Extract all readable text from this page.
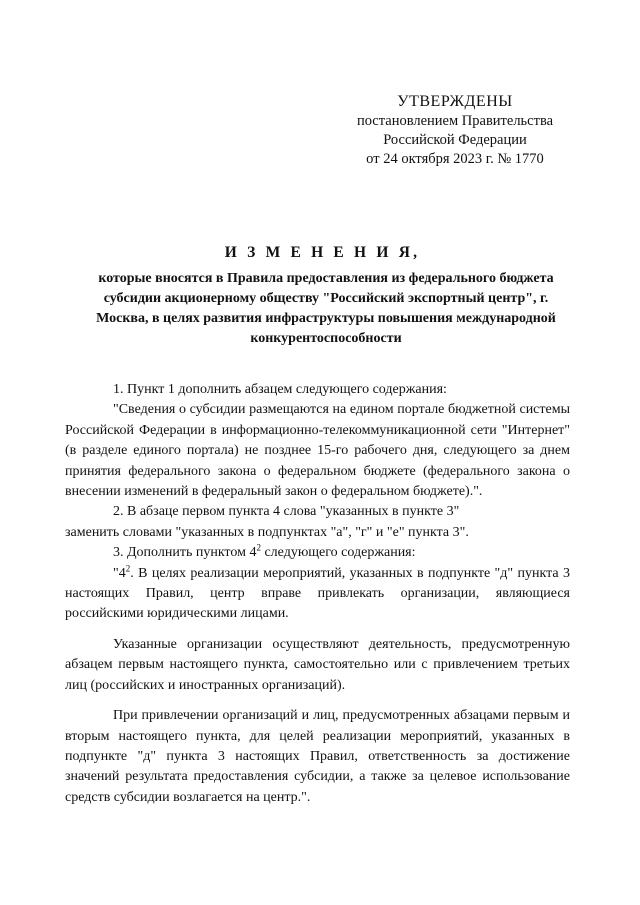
УТВЕРЖДЕНЫ
постановлением Правительства
Российской Федерации
от 24 октября 2023 г. № 1770
И З М Е Н Е Н И Я,
которые вносятся в Правила предоставления из федерального бюджета субсидии акционерному обществу "Российский экспортный центр", г. Москва, в целях развития инфраструктуры повышения международной конкурентоспособности

1. Пункт 1 дополнить абзацем следующего содержания:

"Сведения о субсидии размещаются на едином портале бюджетной системы Российской Федерации в информационно-телекоммуникационной сети "Интернет" (в разделе единого портала) не позднее 15-го рабочего дня, следующего за днем принятия федерального закона о федеральном бюджете (федерального закона о внесении изменений в федеральный закон о федеральном бюджете).".

2. В абзаце первом пункта 4 слова "указанных в пункте 3"

заменить словами "указанных в подпунктах "а", "г" и "е" пункта 3".

3. Дополнить пунктом $4^2$ следующего содержания:

"$4^2$. В целях реализации мероприятий, указанных в подпункте "д" пункта 3 настоящих Правил, центр вправе привлекать организации, являющиеся российскими юридическими лицами.

Указанные организации осуществляют деятельность, предусмотренную абзацем первым настоящего пункта, самостоятельно или с привлечением третьих лиц (российских и иностранных организаций).

При привлечении организаций и лиц, предусмотренных абзацами первым и вторым настоящего пункта, для целей реализации мероприятий, указанных в подпункте "д" пункта 3 настоящих Правил, ответственность за достижение значений результата предоставления субсидии, а также за целевое использование средств субсидии возлагается на центр.".
